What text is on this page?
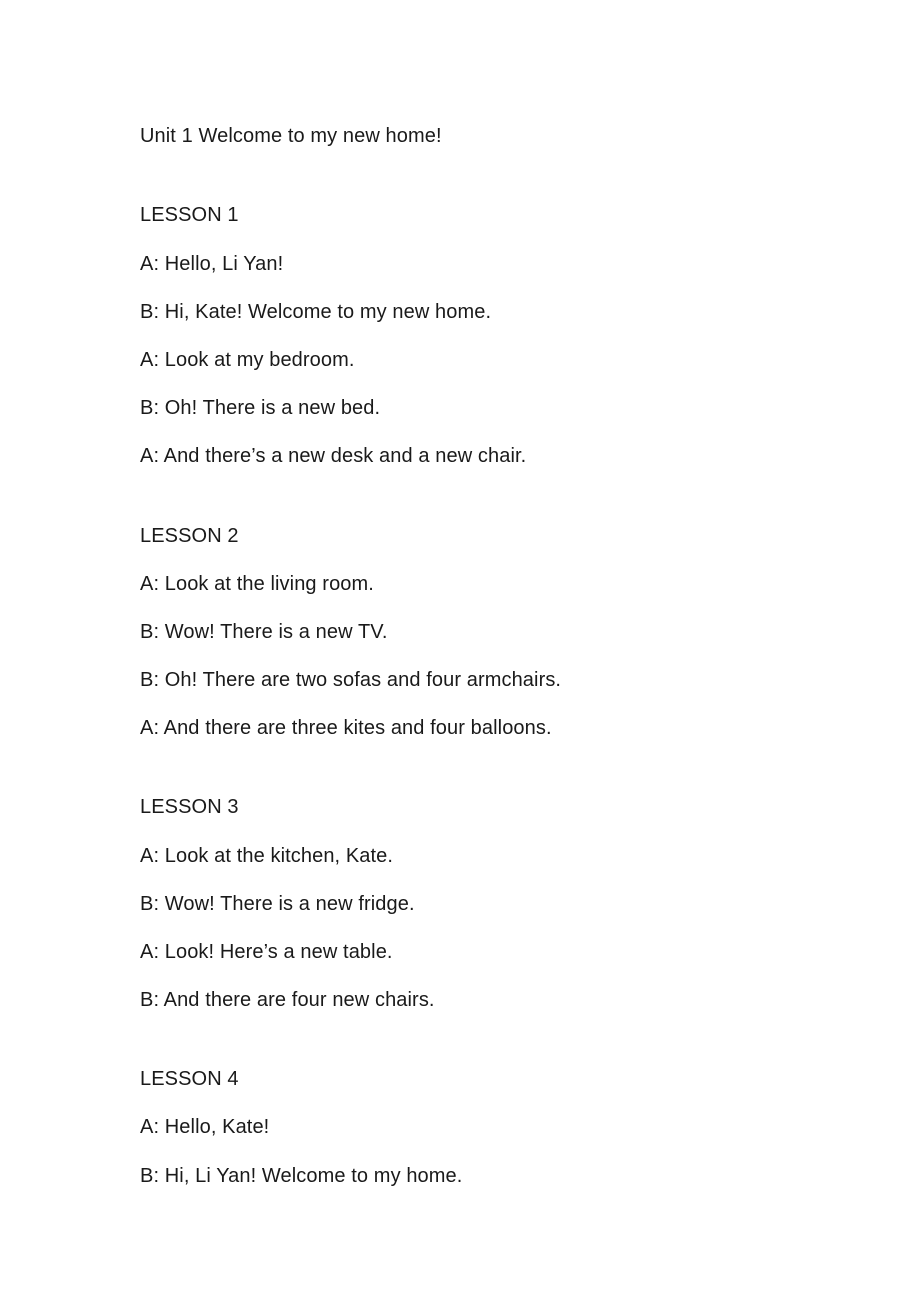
Unit 1 Welcome to my new home!
LESSON 1
A: Hello, Li Yan!
B: Hi, Kate! Welcome to my new home.
A: Look at my bedroom.
B: Oh! There is a new bed.
A: And there’s a new desk and a new chair.
LESSON 2
A: Look at the living room.
B: Wow! There is a new TV.
B: Oh! There are two sofas and four armchairs.
A: And there are three kites and four balloons.
LESSON 3
A: Look at the kitchen, Kate.
B: Wow! There is a new fridge.
A: Look! Here’s a new table.
B: And there are four new chairs.
LESSON 4
A: Hello, Kate!
B: Hi, Li Yan! Welcome to my home.
